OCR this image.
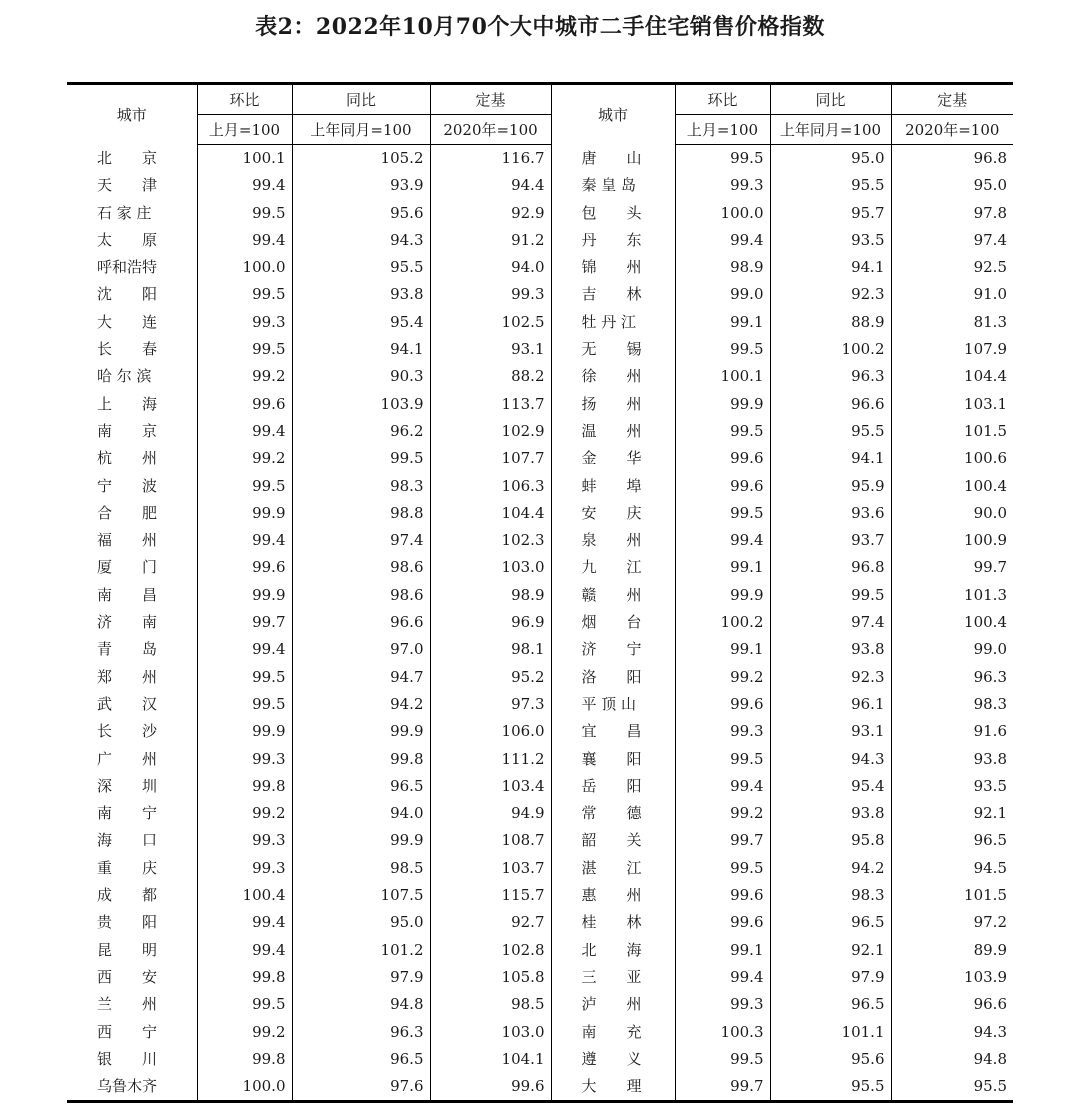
表2：2022年10月70个大中城市二手住宅销售价格指数
城市	环比	同比	定基	城市	环比	同比	定基
	上月=100	上年同月=100	2020年=100		上月=100	上年同月=100	2020年=100
北　　京	100.1	105.2	116.7	唐　　山	99.5	95.0	96.8
天　　津	99.4	93.9	94.4	秦 皇 岛	99.3	95.5	95.0
石 家 庄	99.5	95.6	92.9	包　　头	100.0	95.7	97.8
太　　原	99.4	94.3	91.2	丹　　东	99.4	93.5	97.4
呼和浩特	100.0	95.5	94.0	锦　　州	98.9	94.1	92.5
沈　　阳	99.5	93.8	99.3	吉　　林	99.0	92.3	91.0
大　　连	99.3	95.4	102.5	牡 丹 江	99.1	88.9	81.3
长　　春	99.5	94.1	93.1	无　　锡	99.5	100.2	107.9
哈 尔 滨	99.2	90.3	88.2	徐　　州	100.1	96.3	104.4
上　　海	99.6	103.9	113.7	扬　　州	99.9	96.6	103.1
南　　京	99.4	96.2	102.9	温　　州	99.5	95.5	101.5
杭　　州	99.2	99.5	107.7	金　　华	99.6	94.1	100.6
宁　　波	99.5	98.3	106.3	蚌　　埠	99.6	95.9	100.4
合　　肥	99.9	98.8	104.4	安　　庆	99.5	93.6	90.0
福　　州	99.4	97.4	102.3	泉　　州	99.4	93.7	100.9
厦　　门	99.6	98.6	103.0	九　　江	99.1	96.8	99.7
南　　昌	99.9	98.6	98.9	赣　　州	99.9	99.5	101.3
济　　南	99.7	96.6	96.9	烟　　台	100.2	97.4	100.4
青　　岛	99.4	97.0	98.1	济　　宁	99.1	93.8	99.0
郑　　州	99.5	94.7	95.2	洛　　阳	99.2	92.3	96.3
武　　汉	99.5	94.2	97.3	平 顶 山	99.6	96.1	98.3
长　　沙	99.9	99.9	106.0	宜　　昌	99.3	93.1	91.6
广　　州	99.3	99.8	111.2	襄　　阳	99.5	94.3	93.8
深　　圳	99.8	96.5	103.4	岳　　阳	99.4	95.4	93.5
南　　宁	99.2	94.0	94.9	常　　德	99.2	93.8	92.1
海　　口	99.3	99.9	108.7	韶　　关	99.7	95.8	96.5
重　　庆	99.3	98.5	103.7	湛　　江	99.5	94.2	94.5
成　　都	100.4	107.5	115.7	惠　　州	99.6	98.3	101.5
贵　　阳	99.4	95.0	92.7	桂　　林	99.6	96.5	97.2
昆　　明	99.4	101.2	102.8	北　　海	99.1	92.1	89.9
西　　安	99.8	97.9	105.8	三　　亚	99.4	97.9	103.9
兰　　州	99.5	94.8	98.5	泸　　州	99.3	96.5	96.6
西　　宁	99.2	96.3	103.0	南　　充	100.3	101.1	94.3
银　　川	99.8	96.5	104.1	遵　　义	99.5	95.6	94.8
乌鲁木齐	100.0	97.6	99.6	大　　理	99.7	95.5	95.5
